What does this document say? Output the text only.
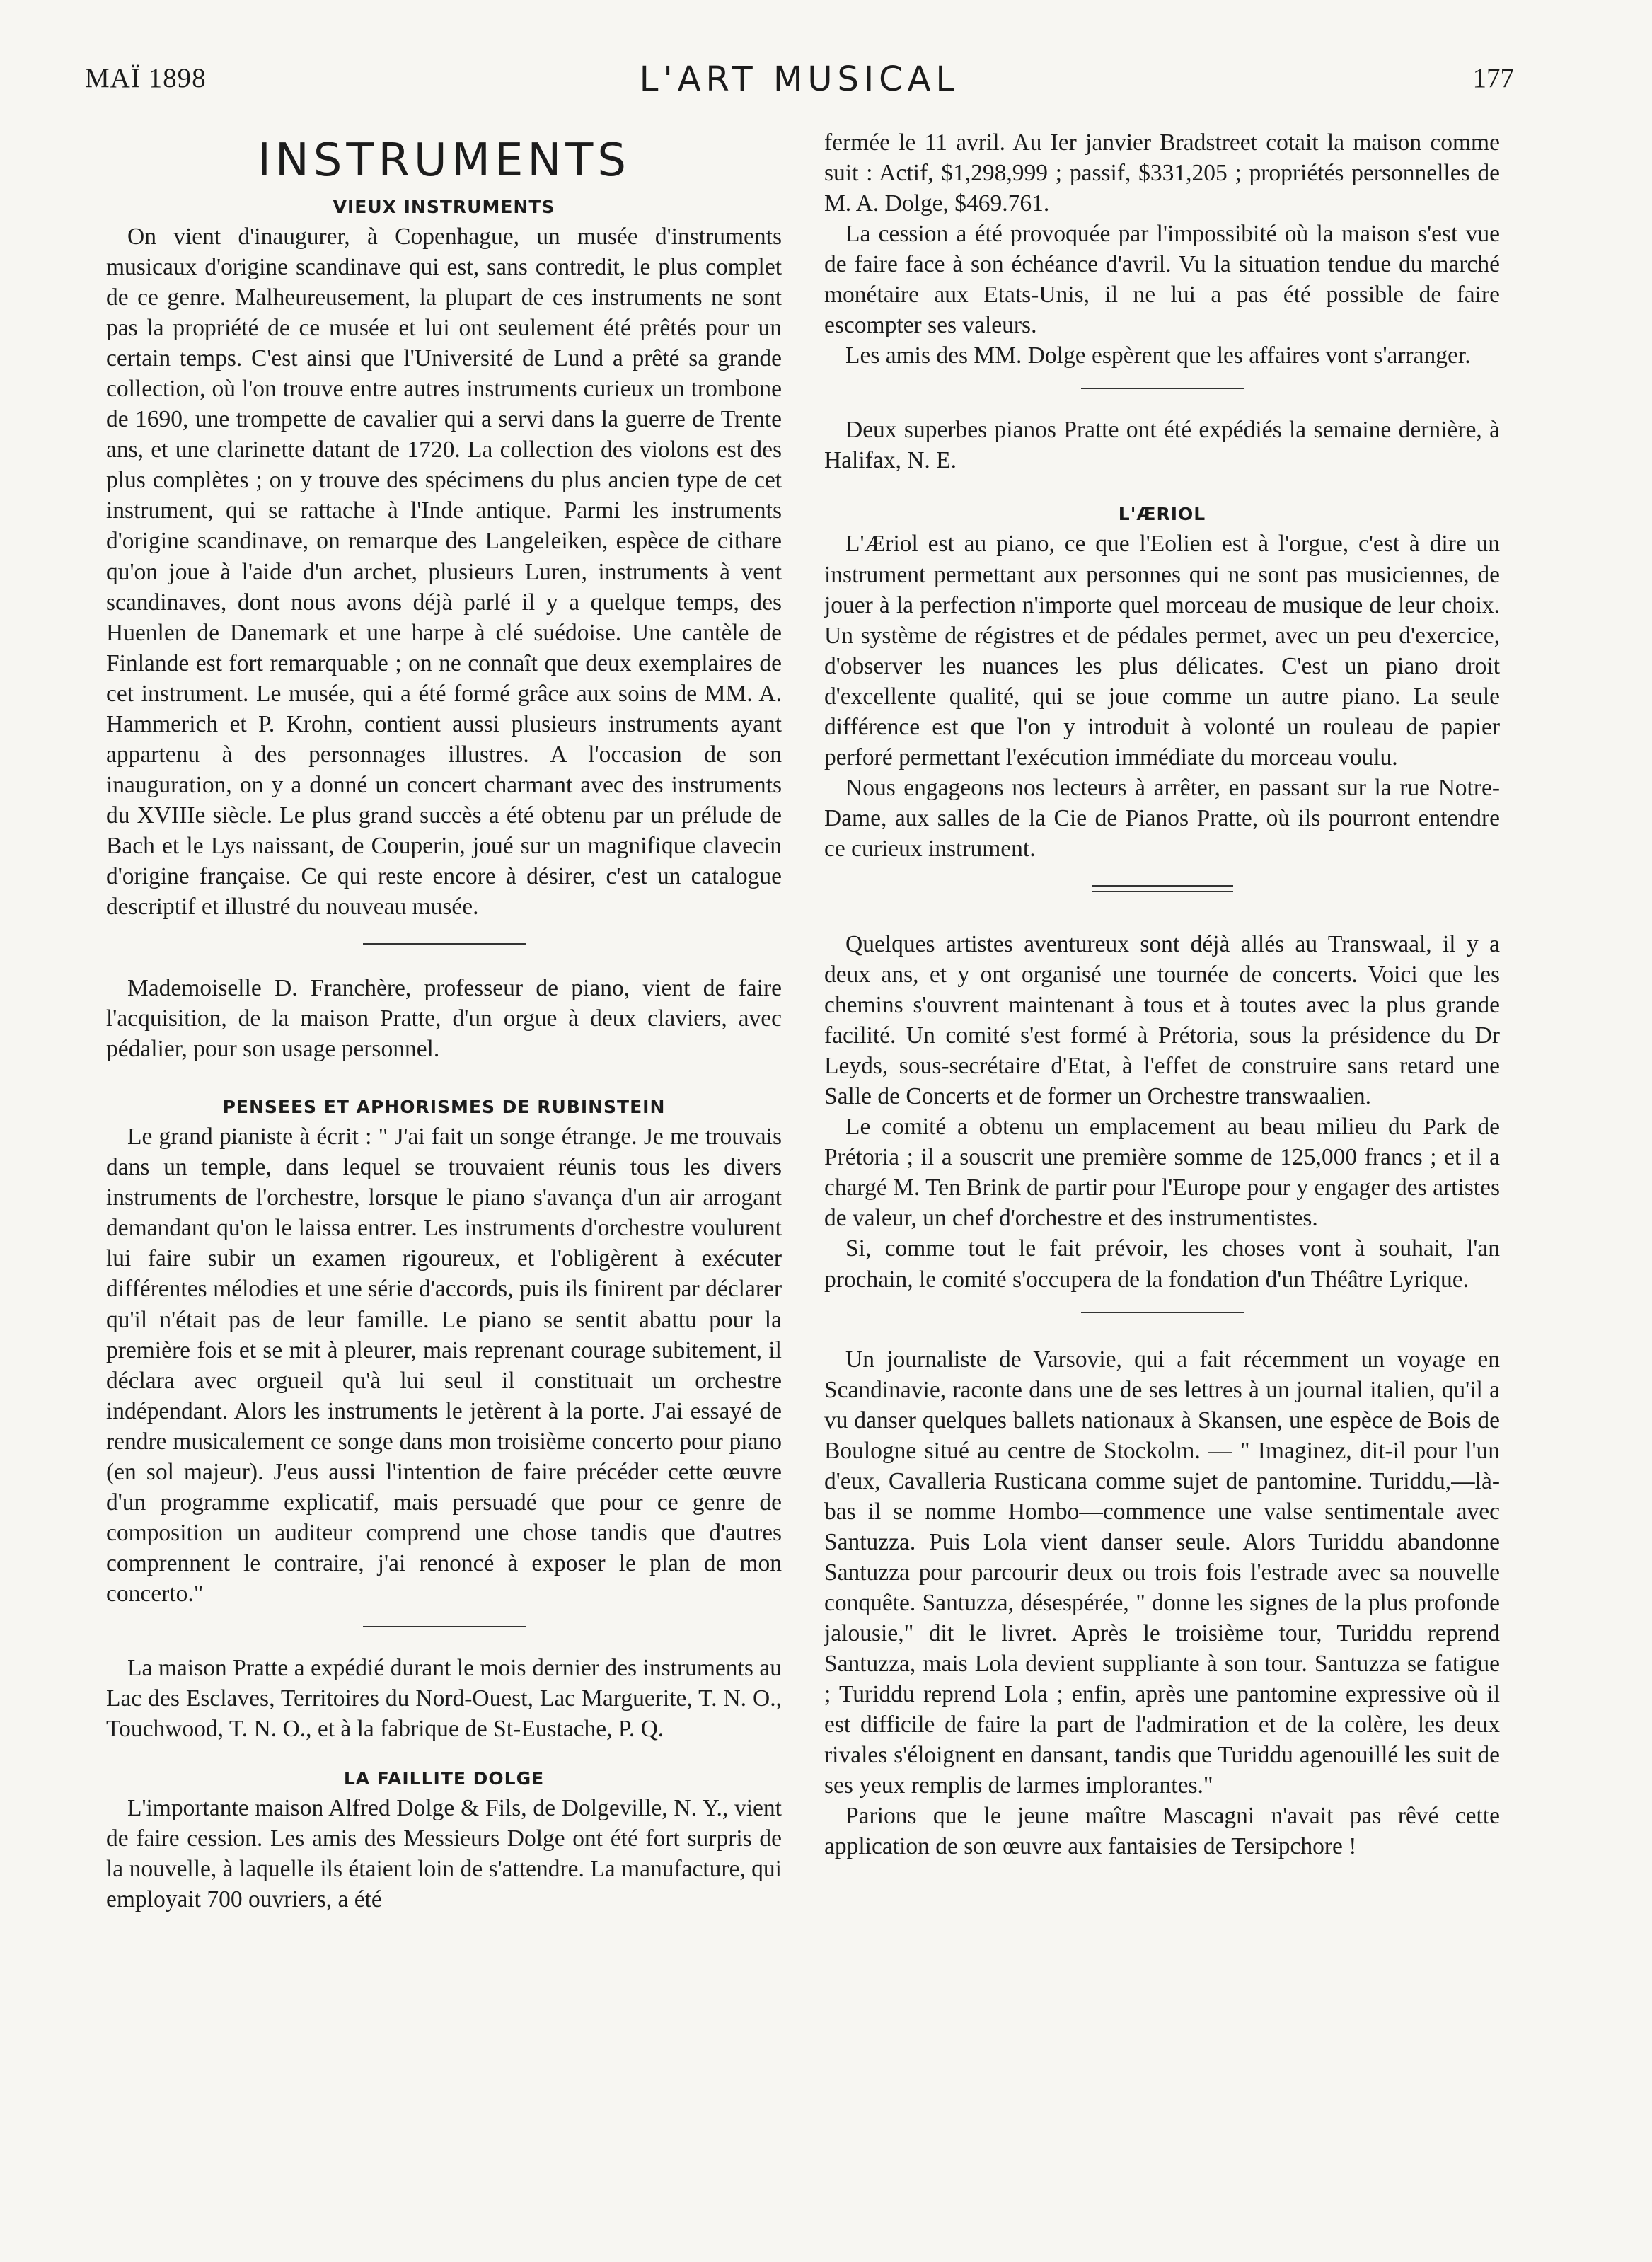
MAÏ 1898	L'ART MUSICAL	177
INSTRUMENTS
VIEUX INSTRUMENTS

On vient d'inaugurer, à Copenhague, un musée d'instruments musicaux d'origine scandinave qui est, sans contredit, le plus complet de ce genre. Malheureusement, la plupart de ces instruments ne sont pas la propriété de ce musée et lui ont seulement été prêtés pour un certain temps. C'est ainsi que l'Université de Lund a prêté sa grande collection, où l'on trouve entre autres instruments curieux un trombone de 1690, une trompette de cavalier qui a servi dans la guerre de Trente ans, et une clarinette datant de 1720. La collection des violons est des plus complètes ; on y trouve des spécimens du plus ancien type de cet instrument, qui se rattache à l'Inde antique. Parmi les instruments d'origine scandinave, on remarque des Langeleiken, espèce de cithare qu'on joue à l'aide d'un archet, plusieurs Luren, instruments à vent scandinaves, dont nous avons déjà parlé il y a quelque temps, des Huenlen de Danemark et une harpe à clé suédoise. Une cantèle de Finlande est fort remarquable ; on ne connaît que deux exemplaires de cet instrument. Le musée, qui a été formé grâce aux soins de MM. A. Hammerich et P. Krohn, contient aussi plusieurs instruments ayant appartenu à des personnages illustres. A l'occasion de son inauguration, on y a donné un concert charmant avec des instruments du XVIIIe siècle. Le plus grand succès a été obtenu par un prélude de Bach et le Lys naissant, de Couperin, joué sur un magnifique clavecin d'origine française. Ce qui reste encore à désirer, c'est un catalogue descriptif et illustré du nouveau musée.

Mademoiselle D. Franchère, professeur de piano, vient de faire l'acquisition, de la maison Pratte, d'un orgue à deux claviers, avec pédalier, pour son usage personnel.

PENSEES ET APHORISMES DE RUBINSTEIN

Le grand pianiste à écrit : " J'ai fait un songe étrange. Je me trouvais dans un temple, dans lequel se trouvaient réunis tous les divers instruments de l'orchestre, lorsque le piano s'avança d'un air arrogant demandant qu'on le laissa entrer. Les instruments d'orchestre voulurent lui faire subir un examen rigoureux, et l'obligèrent à exécuter différentes mélodies et une série d'accords, puis ils finirent par déclarer qu'il n'était pas de leur famille. Le piano se sentit abattu pour la première fois et se mit à pleurer, mais reprenant courage subitement, il déclara avec orgueil qu'à lui seul il constituait un orchestre indépendant. Alors les instruments le jetèrent à la porte. J'ai essayé de rendre musicalement ce songe dans mon troisième concerto pour piano (en sol majeur). J'eus aussi l'intention de faire précéder cette œuvre d'un programme explicatif, mais persuadé que pour ce genre de composition un auditeur comprend une chose tandis que d'autres comprennent le contraire, j'ai renoncé à exposer le plan de mon concerto."

La maison Pratte a expédié durant le mois dernier des instruments au Lac des Esclaves, Territoires du Nord-Ouest, Lac Marguerite, T. N. O., Touchwood, T. N. O., et à la fabrique de St-Eustache, P. Q.

LA FAILLITE DOLGE

L'importante maison Alfred Dolge & Fils, de Dolgeville, N. Y., vient de faire cession. Les amis des Messieurs Dolge ont été fort surpris de la nouvelle, à laquelle ils étaient loin de s'attendre. La manufacture, qui employait 700 ouvriers, a été

fermée le 11 avril. Au Ier janvier Bradstreet cotait la maison comme suit : Actif, $1,298,999 ; passif, $331,205 ; propriétés personnelles de M. A. Dolge, $469.761.

La cession a été provoquée par l'impossibité où la maison s'est vue de faire face à son échéance d'avril. Vu la situation tendue du marché monétaire aux Etats-Unis, il ne lui a pas été possible de faire escompter ses valeurs.

Les amis des MM. Dolge espèrent que les affaires vont s'arranger.

Deux superbes pianos Pratte ont été expédiés la semaine dernière, à Halifax, N. E.

L'ÆRIOL

L'Æriol est au piano, ce que l'Eolien est à l'orgue, c'est à dire un instrument permettant aux personnes qui ne sont pas musiciennes, de jouer à la perfection n'importe quel morceau de musique de leur choix. Un système de régistres et de pédales permet, avec un peu d'exercice, d'observer les nuances les plus délicates. C'est un piano droit d'excellente qualité, qui se joue comme un autre piano. La seule différence est que l'on y introduit à volonté un rouleau de papier perforé permettant l'exécution immédiate du morceau voulu.

Nous engageons nos lecteurs à arrêter, en passant sur la rue Notre-Dame, aux salles de la Cie de Pianos Pratte, où ils pourront entendre ce curieux instrument.

Quelques artistes aventureux sont déjà allés au Transwaal, il y a deux ans, et y ont organisé une tournée de concerts. Voici que les chemins s'ouvrent maintenant à tous et à toutes avec la plus grande facilité. Un comité s'est formé à Prétoria, sous la présidence du Dr Leyds, sous-secrétaire d'Etat, à l'effet de construire sans retard une Salle de Concerts et de former un Orchestre transwaalien.

Le comité a obtenu un emplacement au beau milieu du Park de Prétoria ; il a souscrit une première somme de 125,000 francs ; et il a chargé M. Ten Brink de partir pour l'Europe pour y engager des artistes de valeur, un chef d'orchestre et des instrumentistes.

Si, comme tout le fait prévoir, les choses vont à souhait, l'an prochain, le comité s'occupera de la fondation d'un Théâtre Lyrique.

Un journaliste de Varsovie, qui a fait récemment un voyage en Scandinavie, raconte dans une de ses lettres à un journal italien, qu'il a vu danser quelques ballets nationaux à Skansen, une espèce de Bois de Boulogne situé au centre de Stockolm. — " Imaginez, dit-il pour l'un d'eux, Cavalleria Rusticana comme sujet de pantomine. Turiddu,—là-bas il se nomme Hombo—commence une valse sentimentale avec Santuzza. Puis Lola vient danser seule. Alors Turiddu abandonne Santuzza pour parcourir deux ou trois fois l'estrade avec sa nouvelle conquête. Santuzza, désespérée, " donne les signes de la plus profonde jalousie," dit le livret. Après le troisième tour, Turiddu reprend Santuzza, mais Lola devient suppliante à son tour. Santuzza se fatigue ; Turiddu reprend Lola ; enfin, après une pantomine expressive où il est difficile de faire la part de l'admiration et de la colère, les deux rivales s'éloignent en dansant, tandis que Turiddu agenouillé les suit de ses yeux remplis de larmes implorantes."

Parions que le jeune maître Mascagni n'avait pas rêvé cette application de son œuvre aux fantaisies de Tersipchore !
